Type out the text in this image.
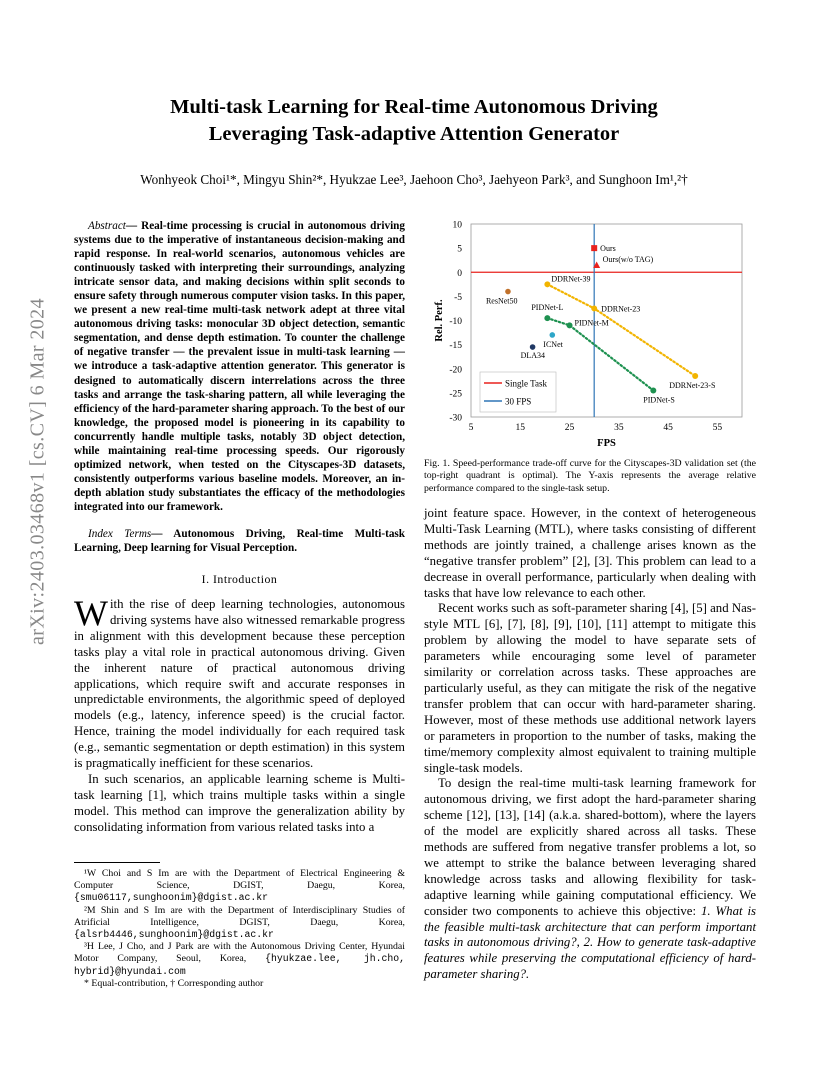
arXiv:2403.03468v1 [cs.CV] 6 Mar 2024
Multi-task Learning for Real-time Autonomous Driving
Leveraging Task-adaptive Attention Generator
Wonhyeok Choi¹*, Mingyu Shin²*, Hyukzae Lee³, Jaehoon Cho³, Jaehyeon Park³, and Sunghoon Im¹,²†
Abstract— Real-time processing is crucial in autonomous driving systems due to the imperative of instantaneous decision-making and rapid response. In real-world scenarios, autonomous vehicles are continuously tasked with interpreting their surroundings, analyzing intricate sensor data, and making decisions within split seconds to ensure safety through numerous computer vision tasks. In this paper, we present a new real-time multi-task network adept at three vital autonomous driving tasks: monocular 3D object detection, semantic segmentation, and dense depth estimation. To counter the challenge of negative transfer — the prevalent issue in multi-task learning — we introduce a task-adaptive attention generator. This generator is designed to automatically discern interrelations across the three tasks and arrange the task-sharing pattern, all while leveraging the efficiency of the hard-parameter sharing approach. To the best of our knowledge, the proposed model is pioneering in its capability to concurrently handle multiple tasks, notably 3D object detection, while maintaining real-time processing speeds. Our rigorously optimized network, when tested on the Cityscapes-3D datasets, consistently outperforms various baseline models. Moreover, an in-depth ablation study substantiates the efficacy of the methodologies integrated into our framework.
Index Terms— Autonomous Driving, Real-time Multi-task Learning, Deep learning for Visual Perception.
I. Introduction

With the rise of deep learning technologies, autonomous driving systems have also witnessed remarkable progress in alignment with this development because these perception tasks play a vital role in practical autonomous driving. Given the inherent nature of practical autonomous driving applications, which require swift and accurate responses in unpredictable environments, the algorithmic speed of deployed models (e.g., latency, inference speed) is the crucial factor. Hence, training the model individually for each required task (e.g., semantic segmentation or depth estimation) in this system is pragmatically inefficient for these scenarios.

In such scenarios, an applicable learning scheme is Multi-task learning [1], which trains multiple tasks within a single model. This method can improve the generalization ability by consolidating information from various related tasks into a

¹W Choi and S Im are with the Department of Electrical Engineering & Computer Science, DGIST, Daegu, Korea, {smu06117,sunghoonim}@dgist.ac.kr

²M Shin and S Im are with the Department of Interdisciplinary Studies of Atrificial Intelligence, DGIST, Daegu, Korea, {alsrb4446,sunghoonim}@dgist.ac.kr

³H Lee, J Cho, and J Park are with the Autonomous Driving Center, Hyundai Motor Company, Seoul, Korea, {hyukzae.lee, jh.cho, hybrid}@hyundai.com

* Equal-contribution, † Corresponding author

10
5
0
-5
-10
-15
-20
-25
-30
5	15	25	35	45	55
FPS
Rel. Perf.
DDRNet-39
DDRNet-23
DDRNet-23-S
PIDNet-L
PIDNet-M
PIDNet-S
Ours
Ours(w/o TAG)
ResNet50
DLA34
ICNet
Single Task
30 FPS
Fig. 1. Speed-performance trade-off curve for the Cityscapes-3D validation set (the top-right quadrant is optimal). The Y-axis represents the average relative performance compared to the single-task setup.

joint feature space. However, in the context of heterogeneous Multi-Task Learning (MTL), where tasks consisting of different methods are jointly trained, a challenge arises known as the “negative transfer problem” [2], [3]. This problem can lead to a decrease in overall performance, particularly when dealing with tasks that have low relevance to each other.

Recent works such as soft-parameter sharing [4], [5] and Nas-style MTL [6], [7], [8], [9], [10], [11] attempt to mitigate this problem by allowing the model to have separate sets of parameters while encouraging some level of parameter similarity or correlation across tasks. These approaches are particularly useful, as they can mitigate the risk of the negative transfer problem that can occur with hard-parameter sharing. However, most of these methods use additional network layers or parameters in proportion to the number of tasks, making the time/memory complexity almost equivalent to training multiple single-task models.

To design the real-time multi-task learning framework for autonomous driving, we first adopt the hard-parameter sharing scheme [12], [13], [14] (a.k.a. shared-bottom), where the layers of the model are explicitly shared across all tasks. These methods are suffered from negative transfer problems a lot, so we attempt to strike the balance between leveraging shared knowledge across tasks and allowing flexibility for task-adaptive learning while gaining computational efficiency. We consider two components to achieve this objective: 1. What is the feasible multi-task architecture that can perform important tasks in autonomous driving?, 2. How to generate task-adaptive features while preserving the computational efficiency of hard-parameter sharing?.
